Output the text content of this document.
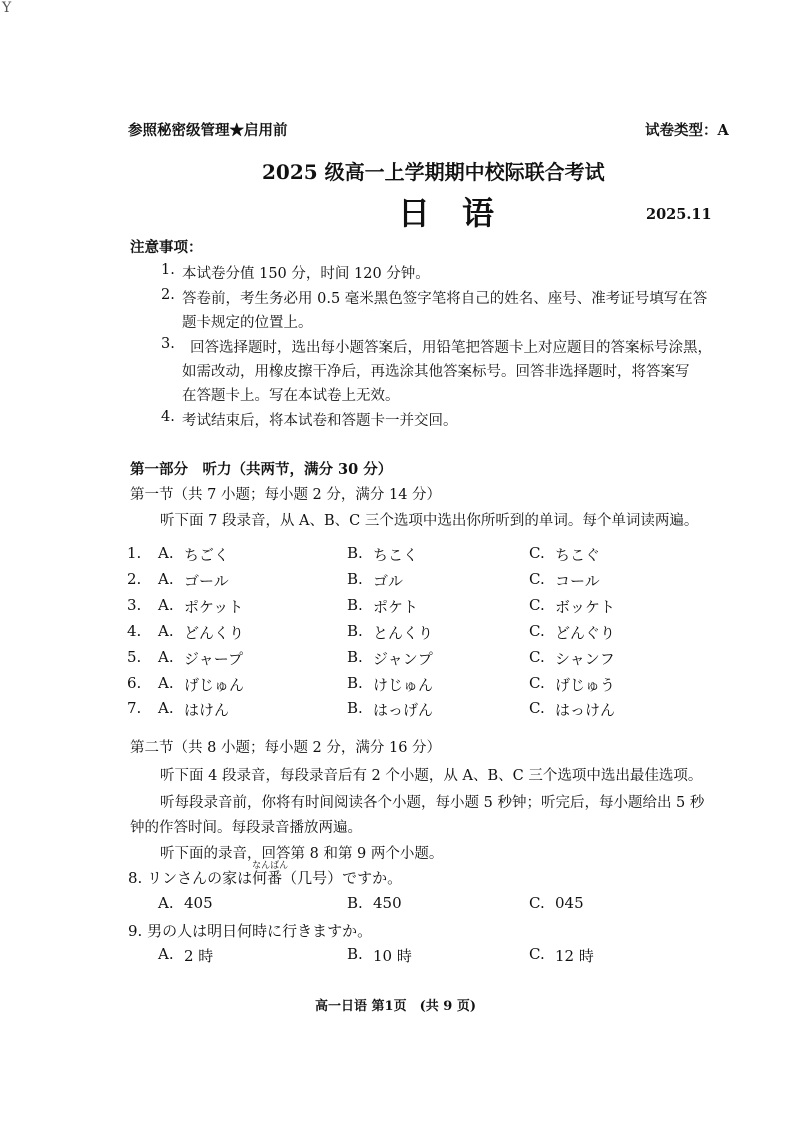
Y
参照秘密级管理★启用前	试卷类型：A
2025 级高一上学期期中校际联合考试
日　语	2025.11
注意事项：
1. 本试卷分值 150 分，时间 120 分钟。
2. 答卷前，考生务必用 0.5 毫米黑色签字笔将自己的姓名、座号、准考证号填写在答
题卡规定的位置上。
3. 回答选择题时，选出每小题答案后，用铅笔把答题卡上对应题目的答案标号涂黑，
如需改动，用橡皮擦干净后，再选涂其他答案标号。回答非选择题时，将答案写
在答题卡上。写在本试卷上无效。
4. 考试结束后，将本试卷和答题卡一并交回。
第一部分　听力（共两节，满分 30 分）
第一节（共 7 小题；每小题 2 分，满分 14 分）
听下面 7 段录音，从 A、B、C 三个选项中选出你所听到的单词。每个单词读两遍。
1. A. ちごく	B. ちこく	C. ちこぐ
2. A. ゴール	B. ゴル	C. コール
3. A. ポケット	B. ポケト	C. ボッケト
4. A. どんくり	B. とんくり	C. どんぐり
5. A. ジャープ	B. ジャンプ	C. シャンフ
6. A. げじゅん	B. けじゅん	C. げじゅう
7. A. はけん	B. はっげん	C. はっけん
第二节（共 8 小题；每小题 2 分，满分 16 分）
听下面 4 段录音，每段录音后有 2 个小题，从 A、B、C 三个选项中选出最佳选项。
听每段录音前，你将有时间阅读各个小题，每小题 5 秒钟；听完后，每小题给出 5 秒
钟的作答时间。每段录音播放两遍。
听下面的录音，回答第 8 和第 9 两个小题。
8. リンさんの家は
なんばん
何番（几号）ですか。
A. 405	B. 450	C. 045
9. 男の人は明日何時に行きますか。
A. 2 時	B. 10 時	C. 12 時
高一日语 第1页　(共 9 页)
